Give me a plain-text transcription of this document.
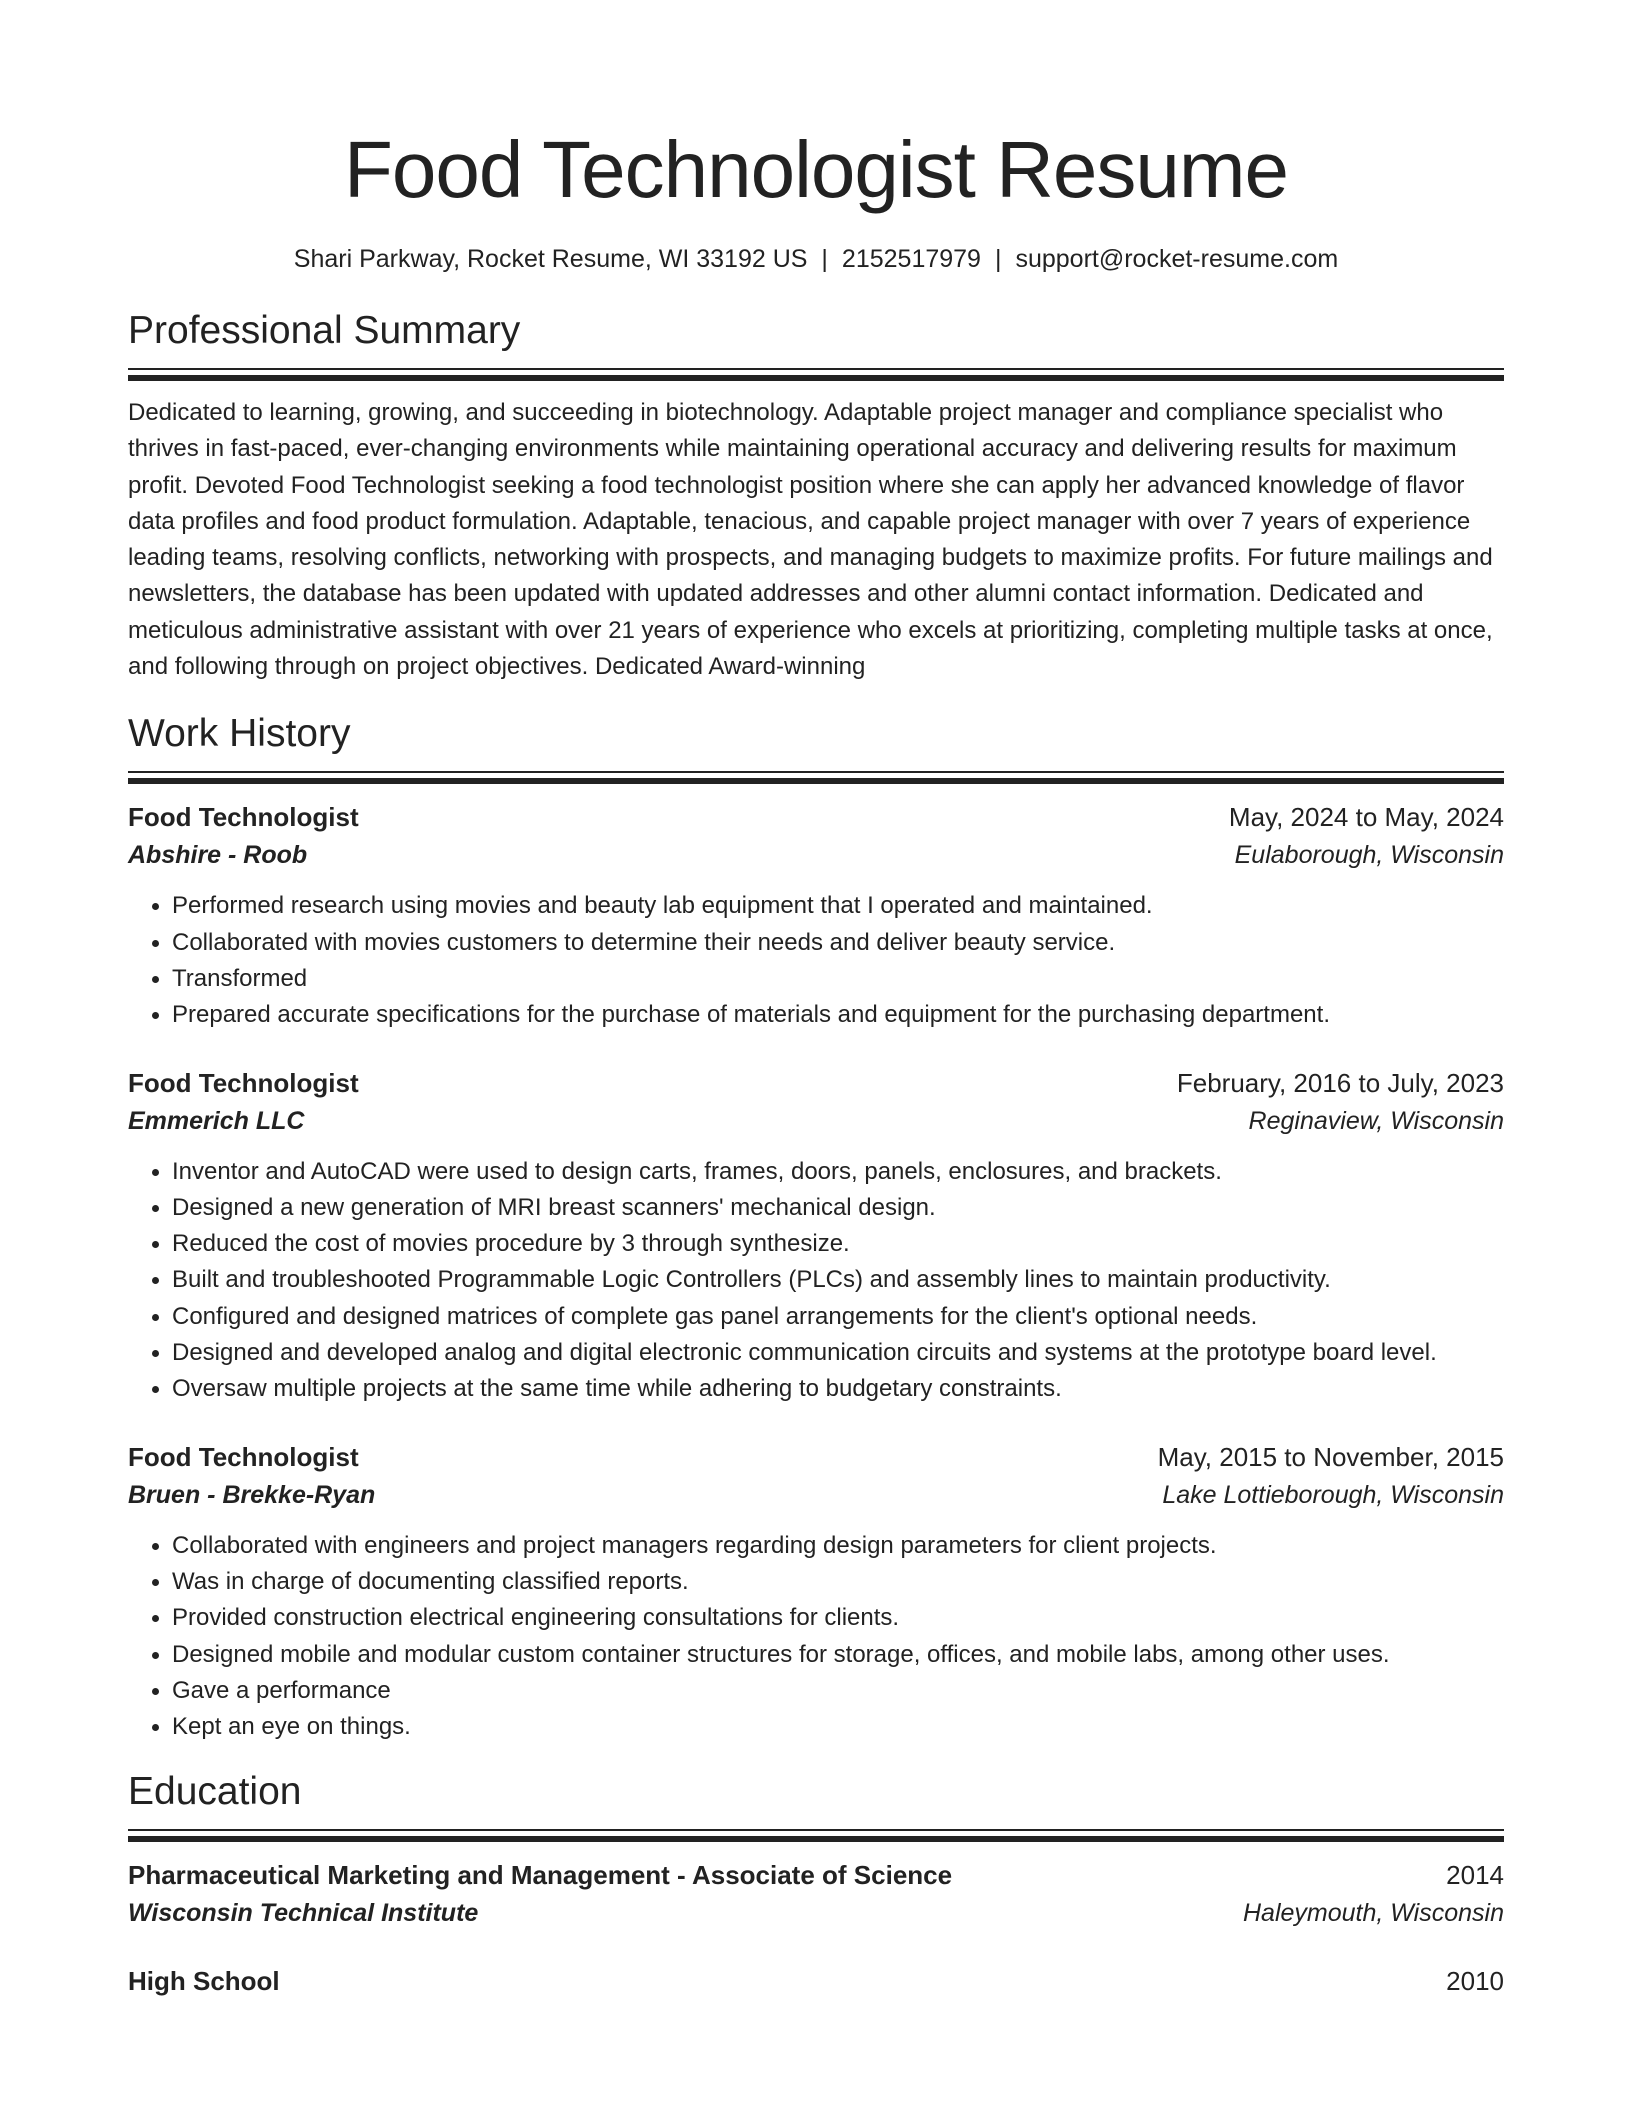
Food Technologist Resume
Shari Parkway, Rocket Resume, WI 33192 US | 2152517979 | support@rocket-resume.com
Professional Summary

Dedicated to learning, growing, and succeeding in biotechnology. Adaptable project manager and compliance specialist who thrives in fast-paced, ever-changing environments while maintaining operational accuracy and delivering results for maximum profit. Devoted Food Technologist seeking a food technologist position where she can apply her advanced knowledge of flavor data profiles and food product formulation. Adaptable, tenacious, and capable project manager with over 7 years of experience leading teams, resolving conflicts, networking with prospects, and managing budgets to maximize profits. For future mailings and newsletters, the database has been updated with updated addresses and other alumni contact information. Dedicated and meticulous administrative assistant with over 21 years of experience who excels at prioritizing, completing multiple tasks at once, and following through on project objectives. Dedicated Award-winning

Work History
Food Technologist	May, 2024 to May, 2024
Abshire - Roob	Eulaborough, Wisconsin
• Performed research using movies and beauty lab equipment that I operated and maintained.
• Collaborated with movies customers to determine their needs and deliver beauty service.
• Transformed
• Prepared accurate specifications for the purchase of materials and equipment for the purchasing department.
Food Technologist	February, 2016 to July, 2023
Emmerich LLC	Reginaview, Wisconsin
• Inventor and AutoCAD were used to design carts, frames, doors, panels, enclosures, and brackets.
• Designed a new generation of MRI breast scanners' mechanical design.
• Reduced the cost of movies procedure by 3 through synthesize.
• Built and troubleshooted Programmable Logic Controllers (PLCs) and assembly lines to maintain productivity.
• Configured and designed matrices of complete gas panel arrangements for the client's optional needs.
• Designed and developed analog and digital electronic communication circuits and systems at the prototype board level.
• Oversaw multiple projects at the same time while adhering to budgetary constraints.
Food Technologist	May, 2015 to November, 2015
Bruen - Brekke-Ryan	Lake Lottieborough, Wisconsin
• Collaborated with engineers and project managers regarding design parameters for client projects.
• Was in charge of documenting classified reports.
• Provided construction electrical engineering consultations for clients.
• Designed mobile and modular custom container structures for storage, offices, and mobile labs, among other uses.
• Gave a performance
• Kept an eye on things.
Education
Pharmaceutical Marketing and Management - Associate of Science	2014
Wisconsin Technical Institute	Haleymouth, Wisconsin
High School	2010
